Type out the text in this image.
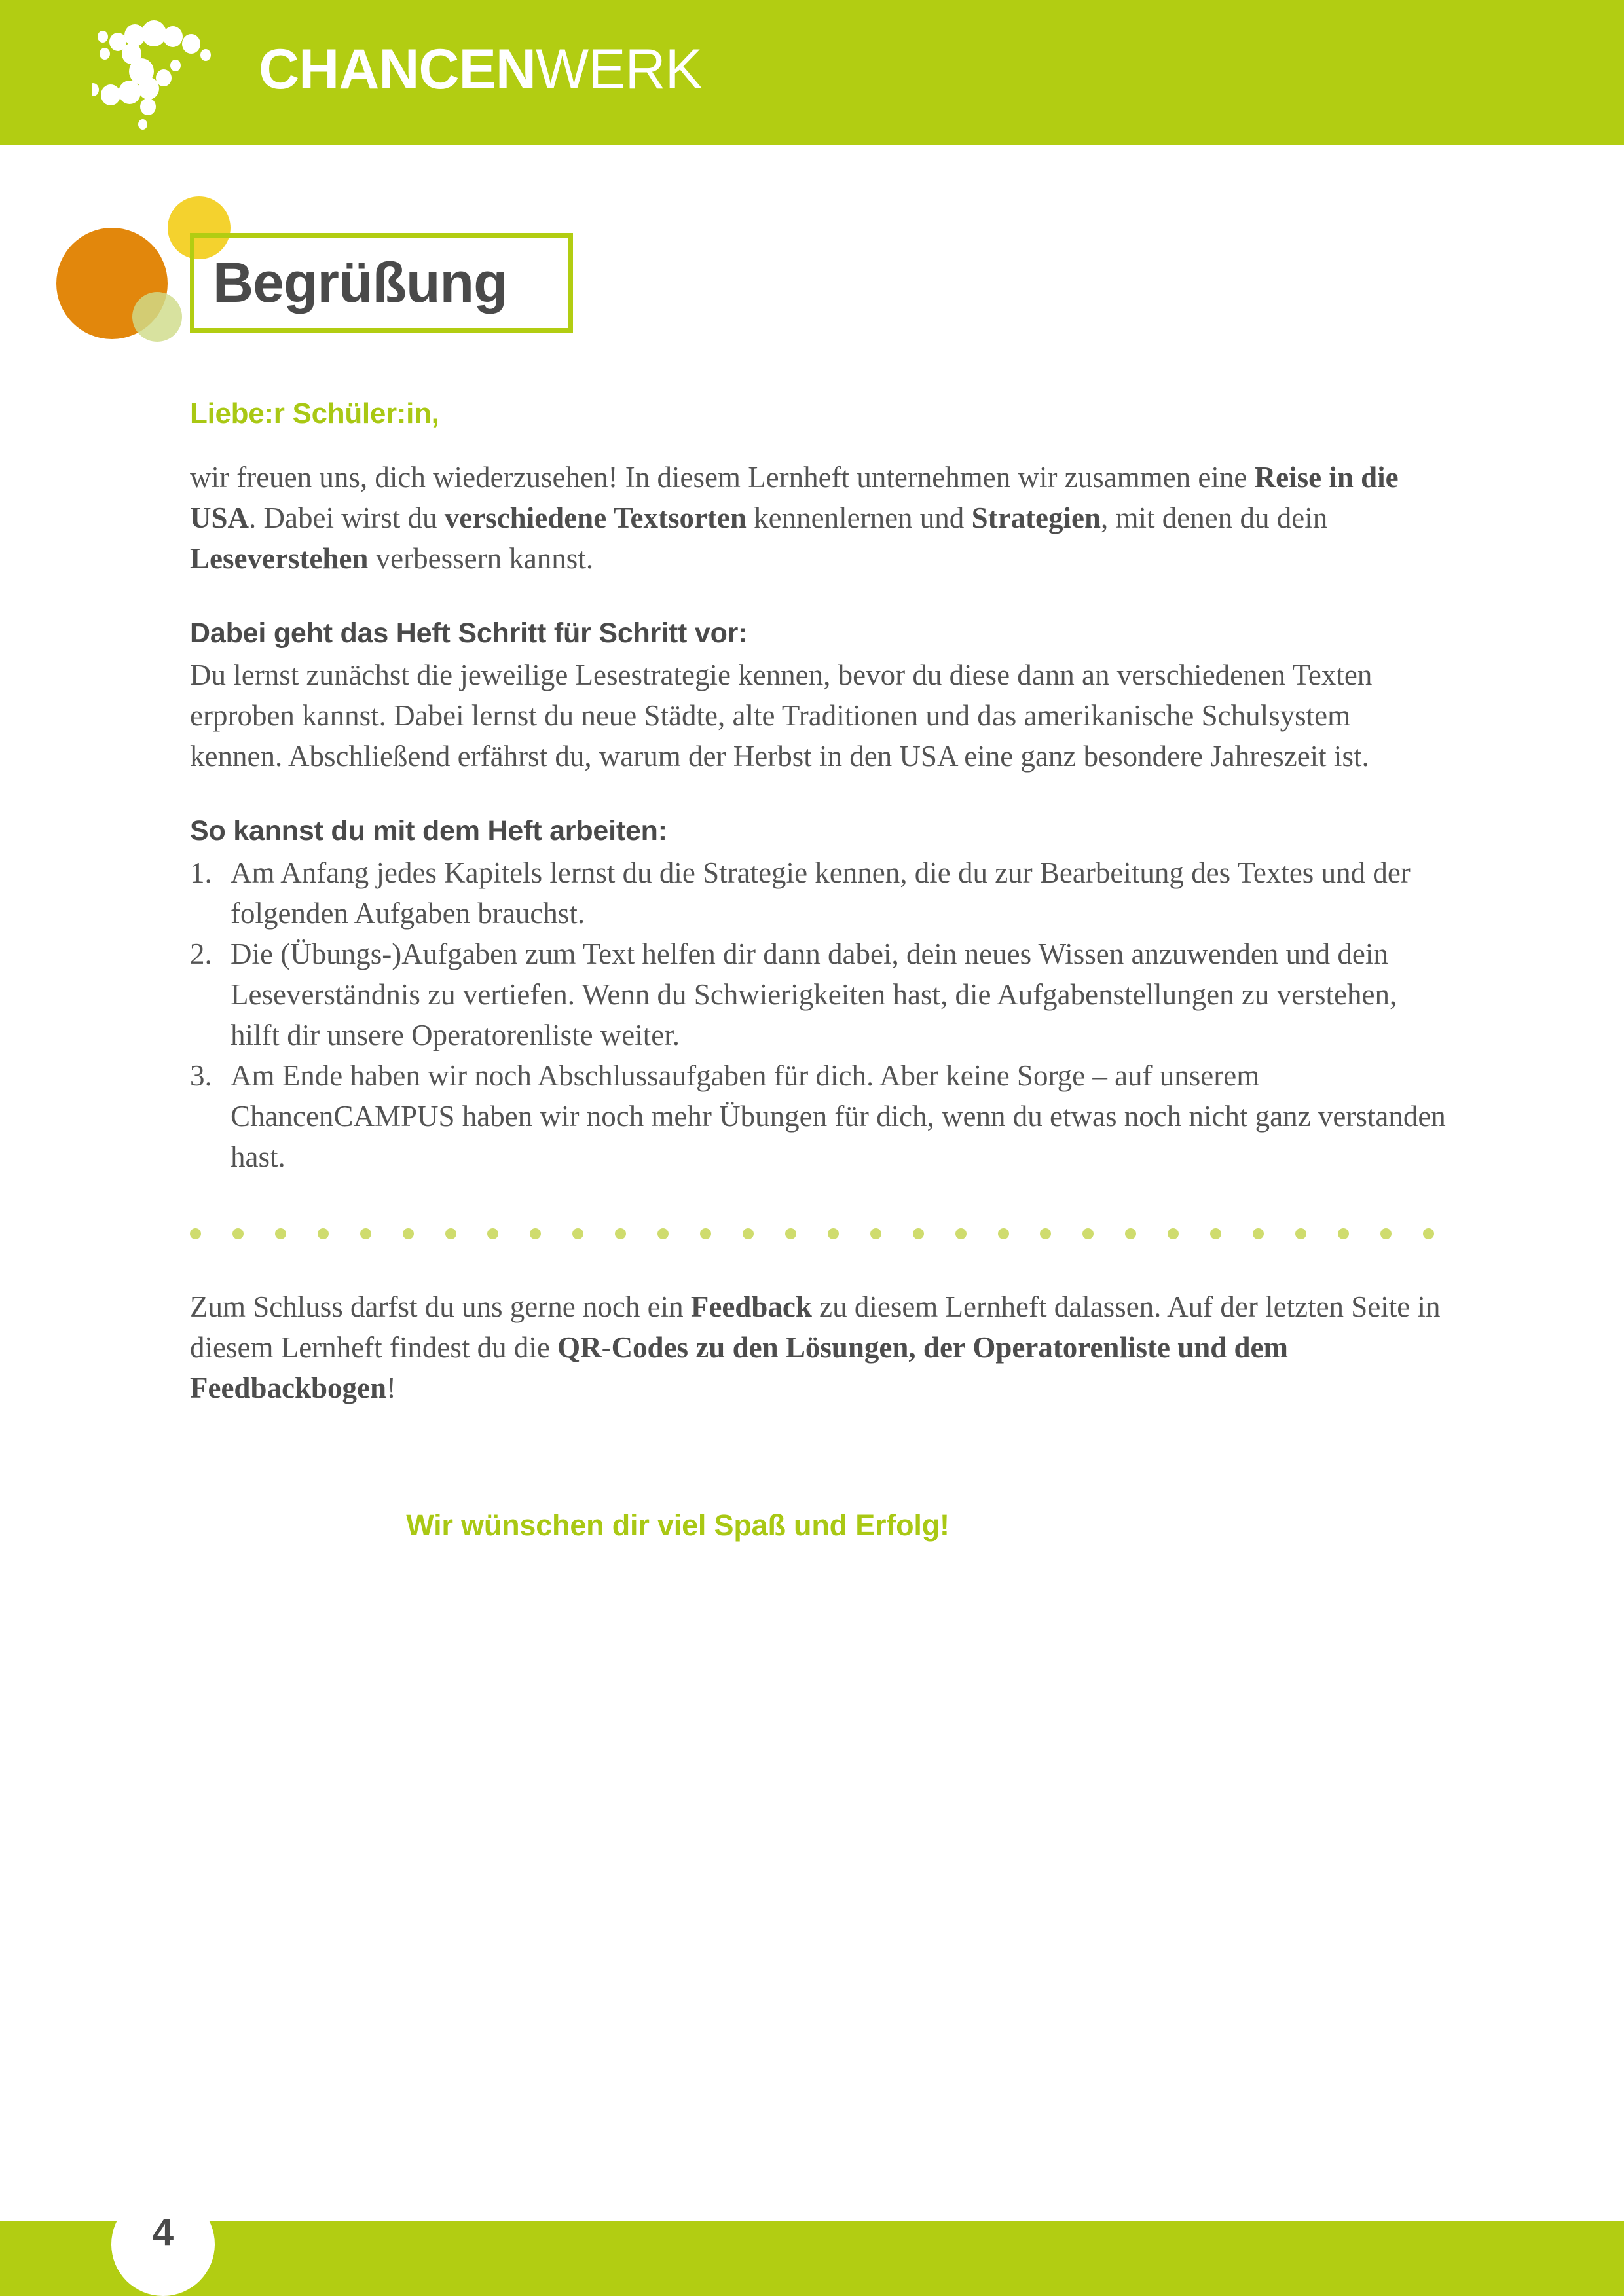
CHANCENWERK
Begrüßung
Liebe:r Schüler:in,

wir freuen uns, dich wiederzusehen! In diesem Lernheft unternehmen wir zusammen eine Reise in die USA. Dabei wirst du verschiedene Textsorten kennenlernen und Strategien, mit denen du dein Leseverstehen verbessern kannst.

Dabei geht das Heft Schritt für Schritt vor:

Du lernst zunächst die jeweilige Lesestrategie kennen, bevor du diese dann an verschiedenen Texten erproben kannst. Dabei lernst du neue Städte, alte Traditionen und das amerikanische Schulsystem kennen. Abschließend erfährst du, warum der Herbst in den USA eine ganz besondere Jahreszeit ist.

So kannst du mit dem Heft arbeiten:
1. Am Anfang jedes Kapitels lernst du die Strategie kennen, die du zur Bearbeitung des Textes und der folgenden Aufgaben brauchst.
2. Die (Übungs-)Aufgaben zum Text helfen dir dann dabei, dein neues Wissen anzuwenden und dein Leseverständnis zu vertiefen. Wenn du Schwierigkeiten hast, die Aufgabenstellungen zu verstehen, hilft dir unsere Operatorenliste weiter.
3. Am Ende haben wir noch Abschlussaufgaben für dich. Aber keine Sorge – auf unserem ChancenCAMPUS haben wir noch mehr Übungen für dich, wenn du etwas noch nicht ganz verstanden hast.

Zum Schluss darfst du uns gerne noch ein Feedback zu diesem Lernheft dalassen. Auf der letzten Seite in diesem Lernheft findest du die QR-Codes zu den Lösungen, der Operatorenliste und dem Feedbackbogen!

Wir wünschen dir viel Spaß und Erfolg!
4
